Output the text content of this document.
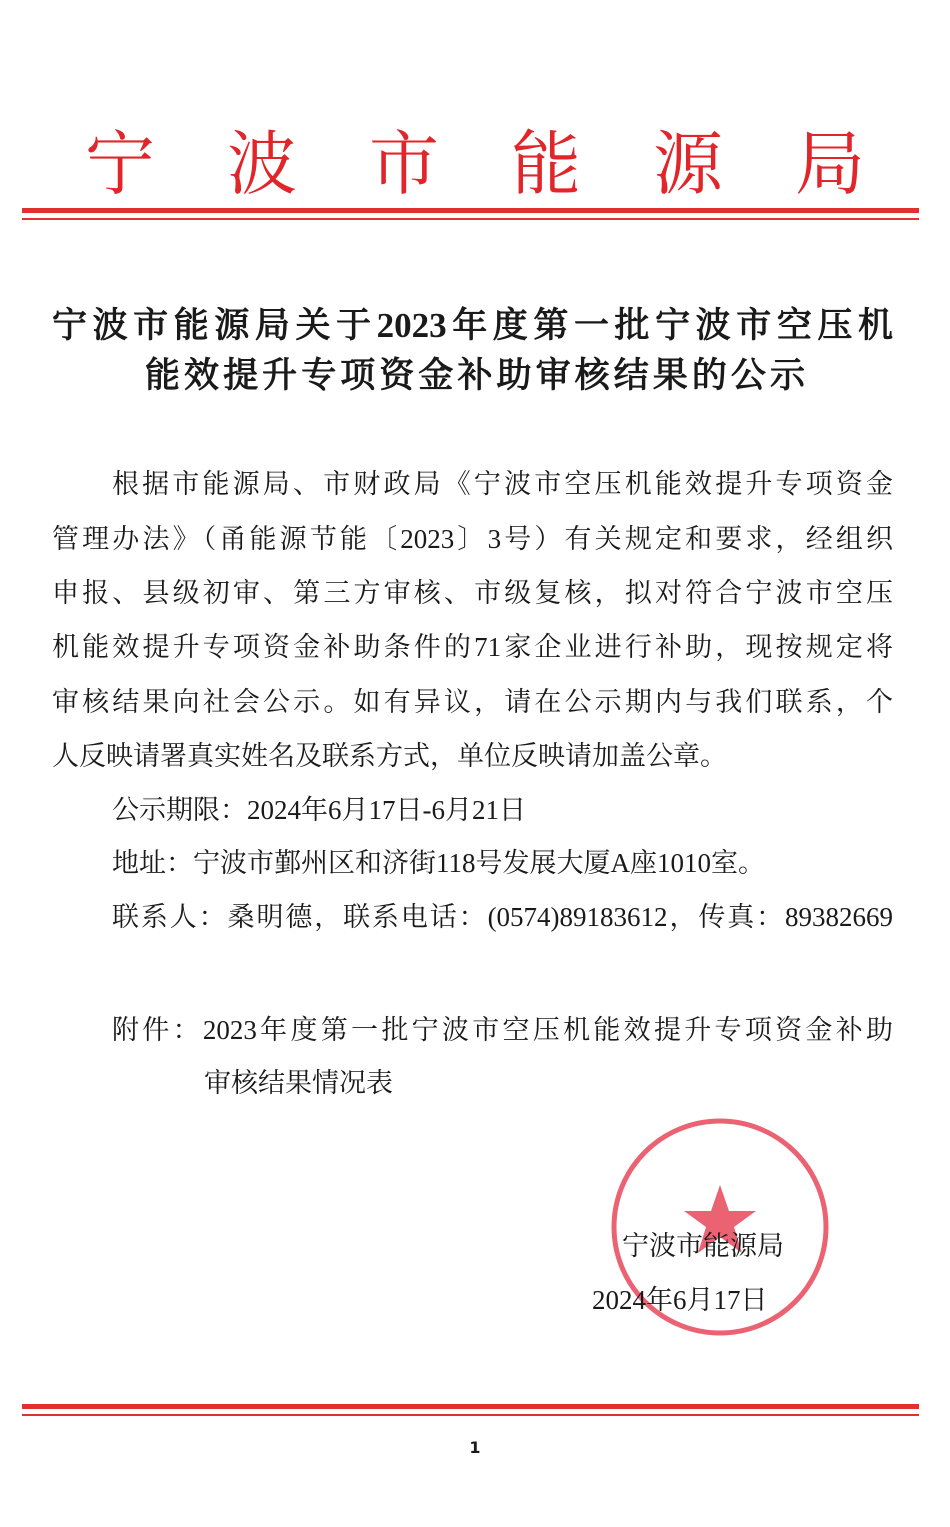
宁 波 市 能 源 局
宁波市能源局关于2023年度第一批宁波市空压机
能效提升专项资金补助审核结果的公示
根据市能源局、市财政局《宁波市空压机能效提升专项资金
管理办法》（甬能源节能〔2023〕3号）有关规定和要求，经组织
申报、县级初审、第三方审核、市级复核，拟对符合宁波市空压
机能效提升专项资金补助条件的71家企业进行补助，现按规定将
审核结果向社会公示。如有异议，请在公示期内与我们联系，个
人反映请署真实姓名及联系方式，单位反映请加盖公章。
公示期限：2024年6月17日-6月21日
地址：宁波市鄞州区和济街118号发展大厦A座1010室。
联系人：桑明德，联系电话：(0574)89183612，传真：89382669
附件：2023年度第一批宁波市空压机能效提升专项资金补助
审核结果情况表
宁波市能源局
2024年6月17日
1
